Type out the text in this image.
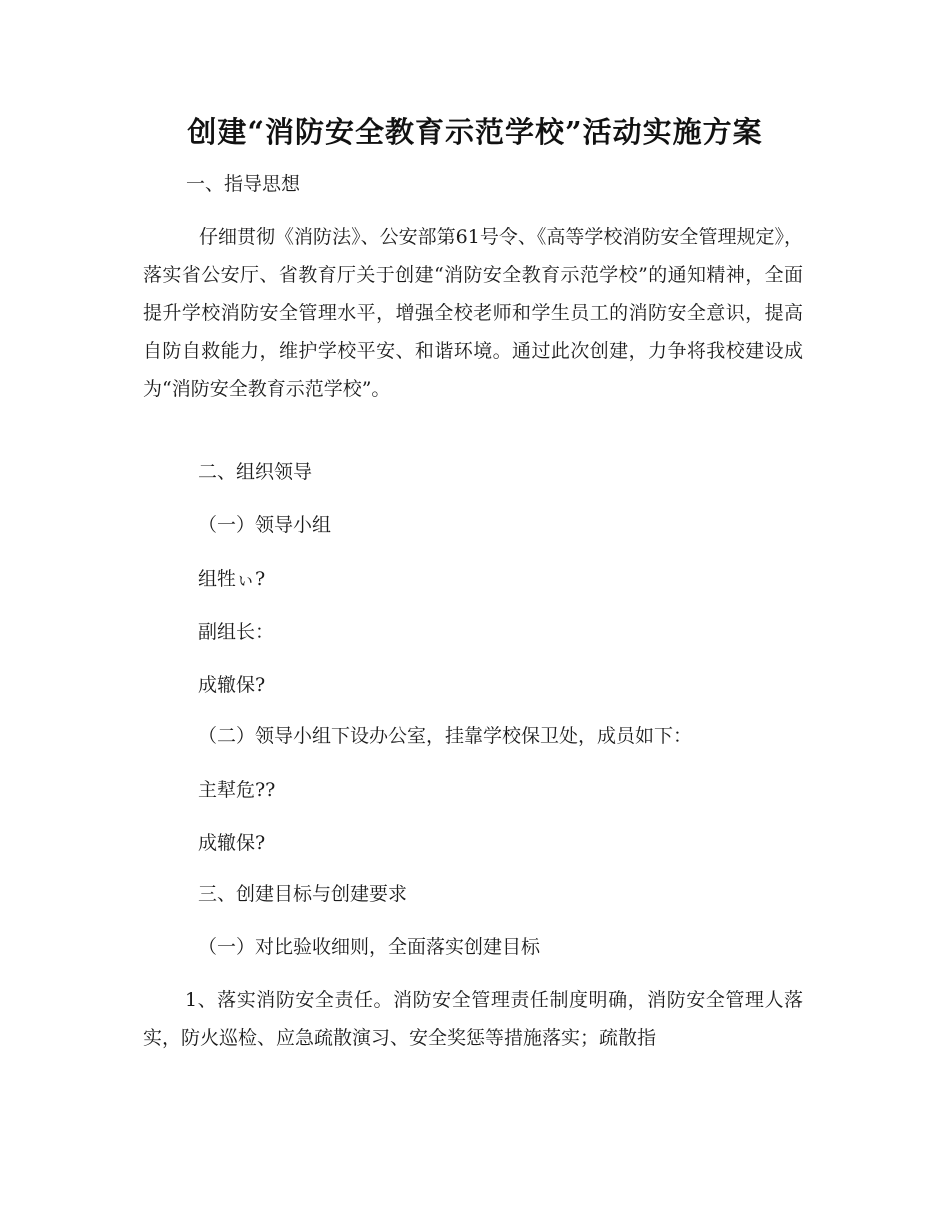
创建“消防安全教育示范学校”活动实施方案
一、指导思想
仔细贯彻《消防法》、公安部第61号令、《高等学校消防安全管理规定》，落实省公安厅、省教育厅关于创建“消防安全教育示范学校”的通知精神，全面提升学校消防安全管理水平，增强全校老师和学生员工的消防安全意识，提高自防自救能力，维护学校平安、和谐环境。通过此次创建，力争将我校建设成为“消防安全教育示范学校”。
二、组织领导
（一）领导小组
组牲ぃ?
副组长：
成辙保?
（二）领导小组下设办公室，挂靠学校保卫处，成员如下：
主犎危??
成辙保?
三、创建目标与创建要求
（一）对比验收细则，全面落实创建目标
1、落实消防安全责任。消防安全管理责任制度明确，消防安全管理人落实，防火巡检、应急疏散演习、安全奖惩等措施落实；疏散指
